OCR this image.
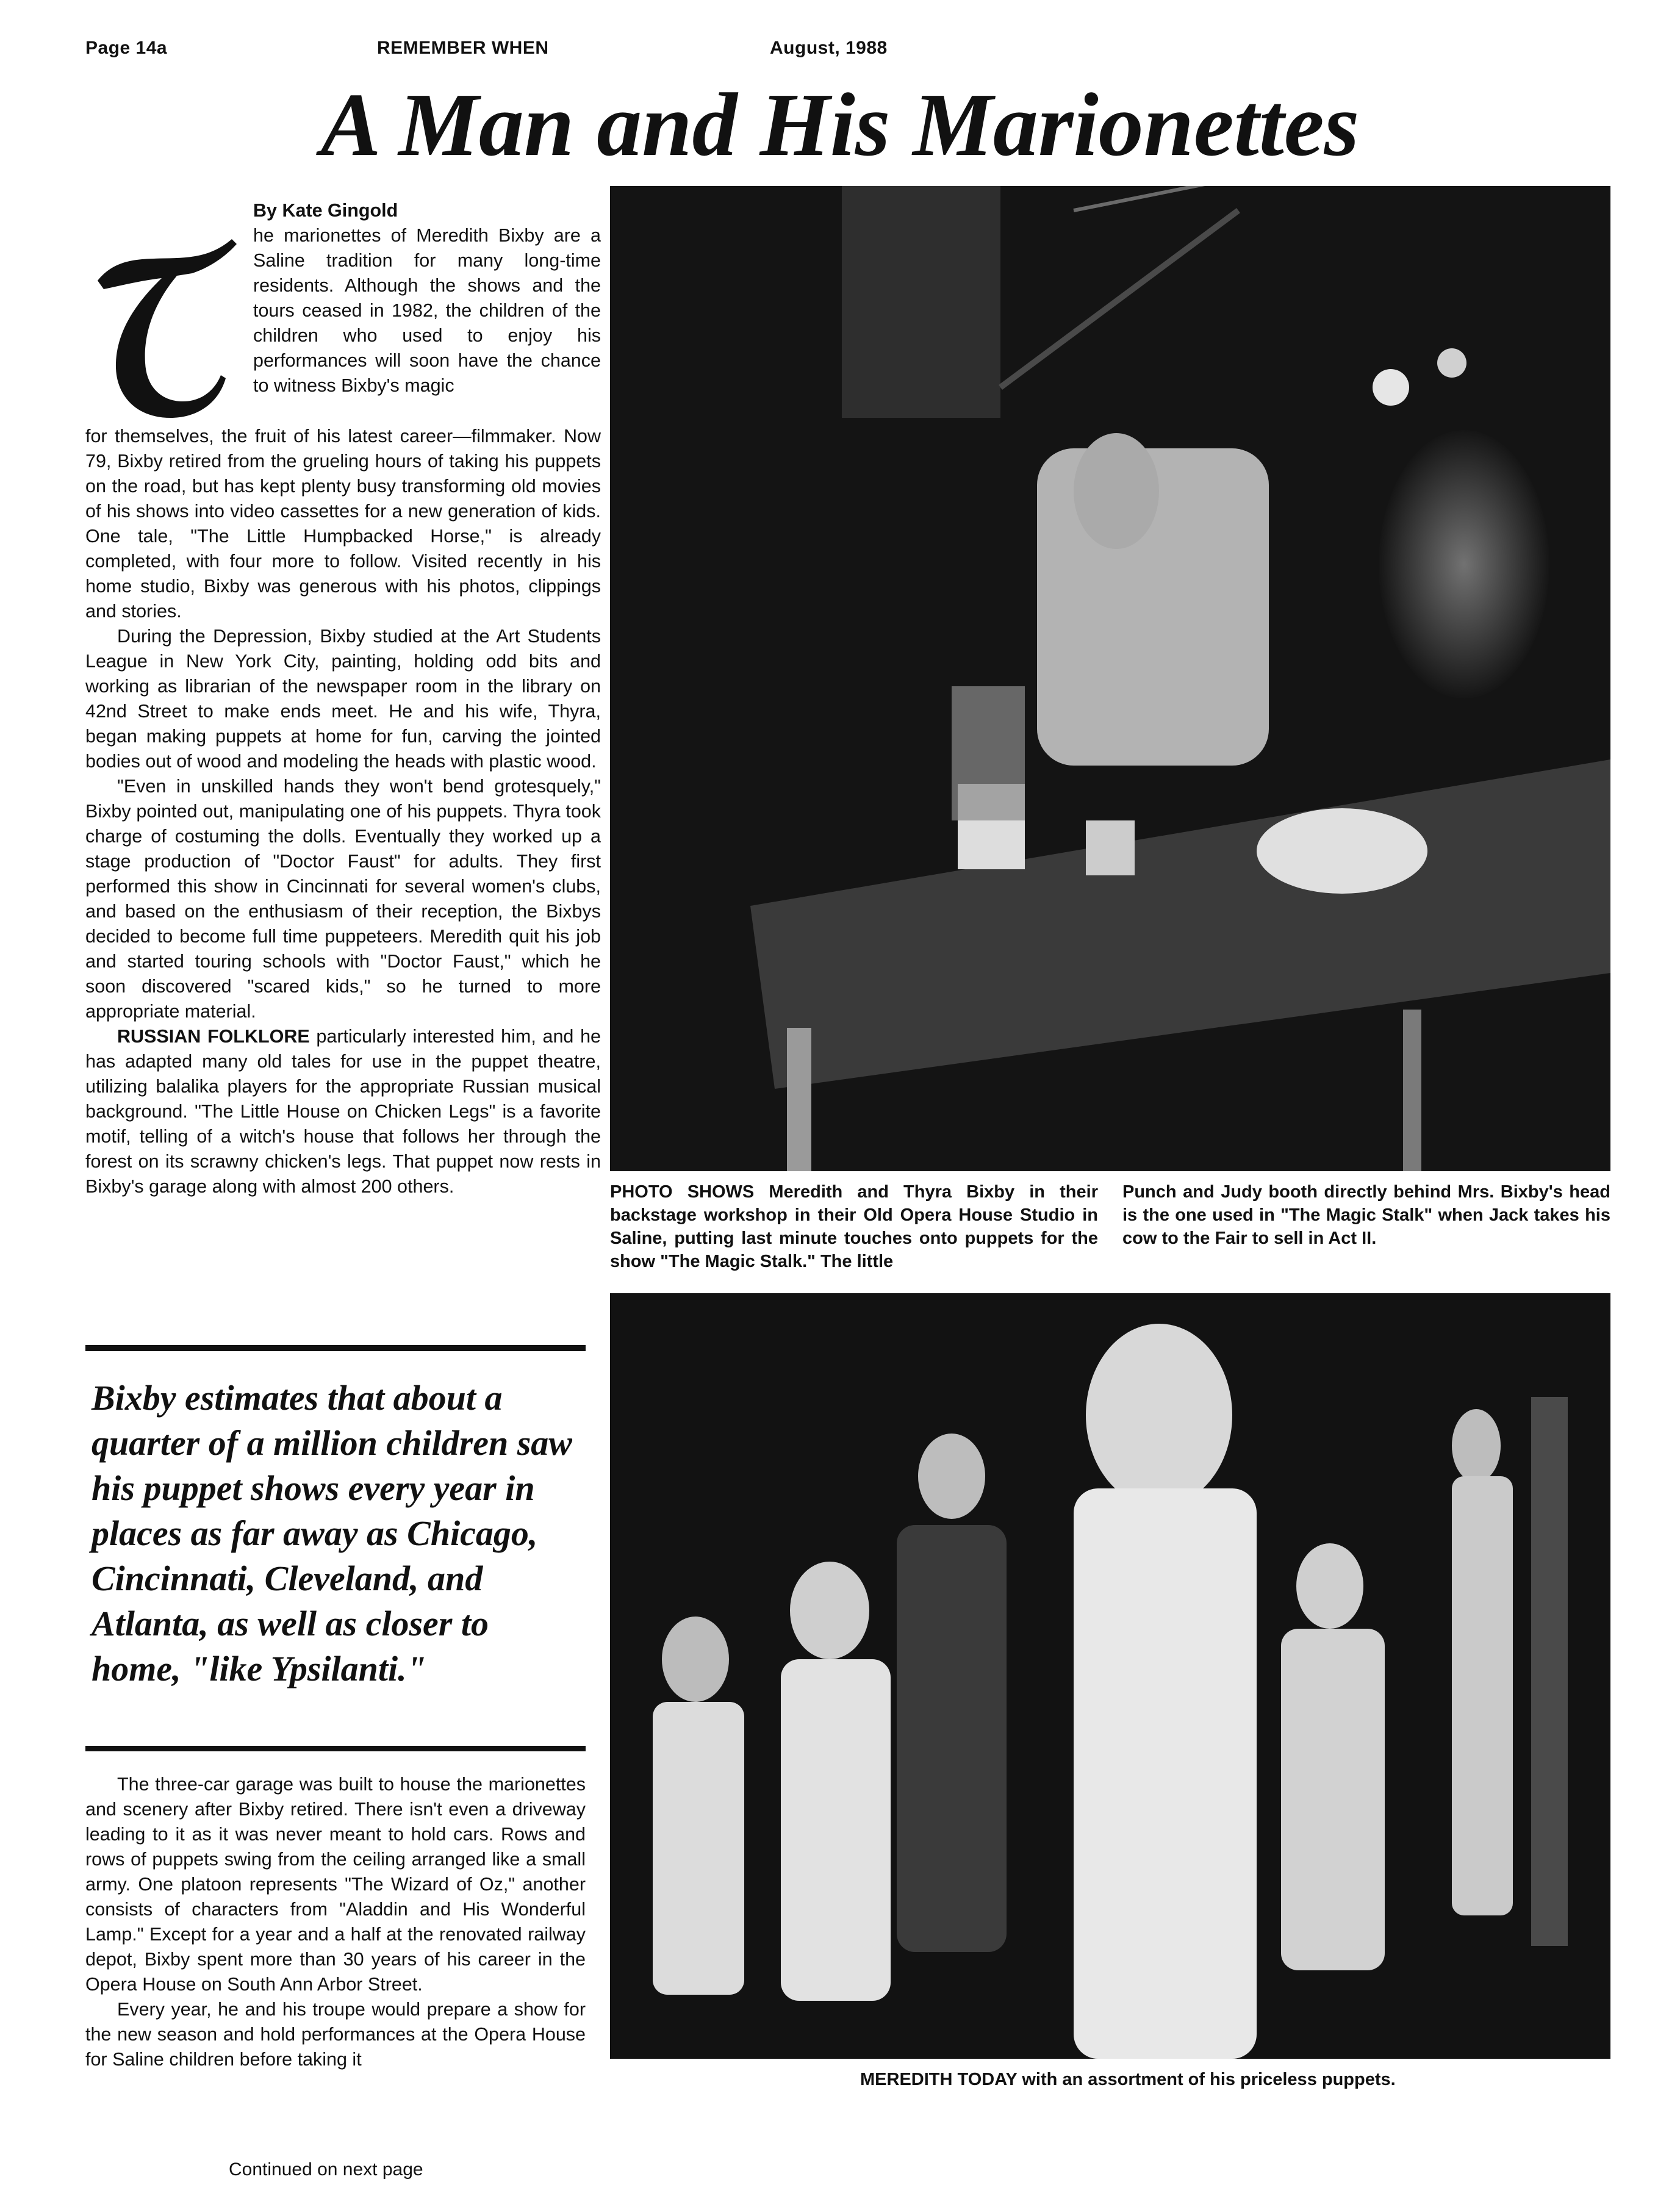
Page 14a	REMEMBER WHEN	August, 1988
A Man and His Marionettes
By Kate Gingold
he marionettes of Meredith Bixby are a Saline tradition for many long-time residents. Although the shows and the tours ceased in 1982, the children of the children who used to enjoy his performances will soon have the chance to witness Bixby's magic

for themselves, the fruit of his latest career—filmmaker. Now 79, Bixby retired from the grueling hours of taking his puppets on the road, but has kept plenty busy transforming old movies of his shows into video cassettes for a new generation of kids. One tale, "The Little Humpbacked Horse," is already completed, with four more to follow. Visited recently in his home studio, Bixby was generous with his photos, clippings and stories.

During the Depression, Bixby studied at the Art Students League in New York City, painting, holding odd bits and working as librarian of the newspaper room in the library on 42nd Street to make ends meet. He and his wife, Thyra, began making puppets at home for fun, carving the jointed bodies out of wood and modeling the heads with plastic wood.

"Even in unskilled hands they won't bend grotesquely," Bixby pointed out, manipulating one of his puppets. Thyra took charge of costuming the dolls. Eventually they worked up a stage production of "Doctor Faust" for adults. They first performed this show in Cincinnati for several women's clubs, and based on the enthusiasm of their reception, the Bixbys decided to become full time puppeteers. Meredith quit his job and started touring schools with "Doctor Faust," which he soon discovered "scared kids," so he turned to more appropriate material.

RUSSIAN FOLKLORE particularly interested him, and he has adapted many old tales for use in the puppet theatre, utilizing balalika players for the appropriate Russian musical background. "The Little House on Chicken Legs" is a favorite motif, telling of a witch's house that follows her through the forest on its scrawny chicken's legs. That puppet now rests in Bixby's garage along with almost 200 others.

Bixby estimates that about a quarter of a million children saw his puppet shows every year in places as far away as Chicago, Cincinnati, Cleveland, and Atlanta, as well as closer to home, "like Ypsilanti."

The three-car garage was built to house the marionettes and scenery after Bixby retired. There isn't even a driveway leading to it as it was never meant to hold cars. Rows and rows of puppets swing from the ceiling arranged like a small army. One platoon represents "The Wizard of Oz," another consists of characters from "Aladdin and His Wonderful Lamp." Except for a year and a half at the renovated railway depot, Bixby spent more than 30 years of his career in the Opera House on South Ann Arbor Street.

Every year, he and his troupe would prepare a show for the new season and hold performances at the Opera House for Saline children before taking it

Continued on next page
PHOTO SHOWS Meredith and Thyra Bixby in their backstage workshop in their Old Opera House Studio in Saline, putting last minute touches onto puppets for the show "The Magic Stalk." The little
Punch and Judy booth directly behind Mrs. Bixby's head is the one used in "The Magic Stalk" when Jack takes his cow to the Fair to sell in Act II.
MEREDITH TODAY with an assortment of his priceless puppets.
